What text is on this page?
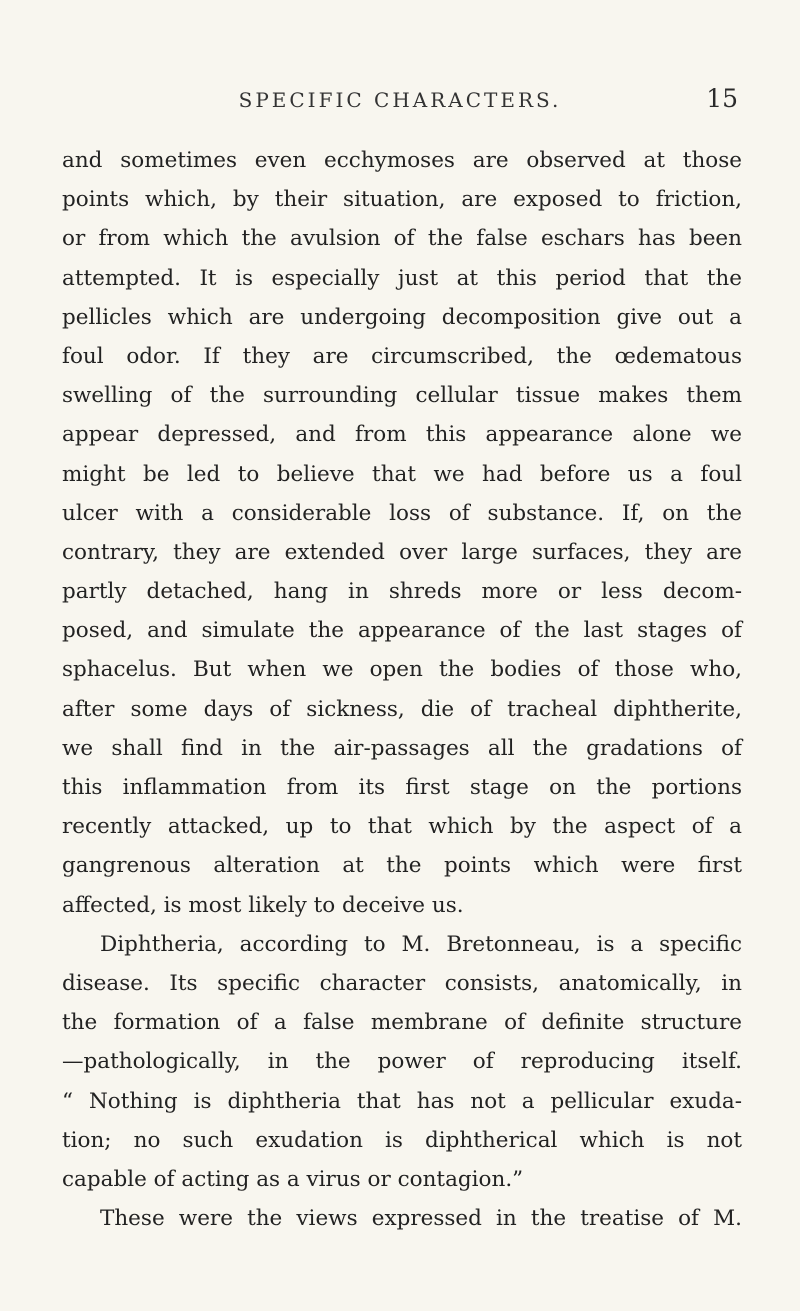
SPECIFIC CHARACTERS.	15
and sometimes even ecchymoses are observed at those
points which, by their situation, are exposed to friction,
or from which the avulsion of the false eschars has been
attempted. It is especially just at this period that the
pellicles which are undergoing decomposition give out a
foul odor. If they are circumscribed, the œdematous
swelling of the surrounding cellular tissue makes them
appear depressed, and from this appearance alone we
might be led to believe that we had before us a foul
ulcer with a considerable loss of substance. If, on the
contrary, they are extended over large surfaces, they are
partly detached, hang in shreds more or less decom-
posed, and simulate the appearance of the last stages of
sphacelus. But when we open the bodies of those who,
after some days of sickness, die of tracheal diphtherite,
we shall find in the air-passages all the gradations of
this inflammation from its first stage on the portions
recently attacked, up to that which by the aspect of a
gangrenous alteration at the points which were first
affected, is most likely to deceive us.
Diphtheria, according to M. Bretonneau, is a specific
disease. Its specific character consists, anatomically, in
the formation of a false membrane of definite structure
—pathologically, in the power of reproducing itself.
“ Nothing is diphtheria that has not a pellicular exuda-
tion; no such exudation is diphtherical which is not
capable of acting as a virus or contagion.”
These were the views expressed in the treatise of M.
